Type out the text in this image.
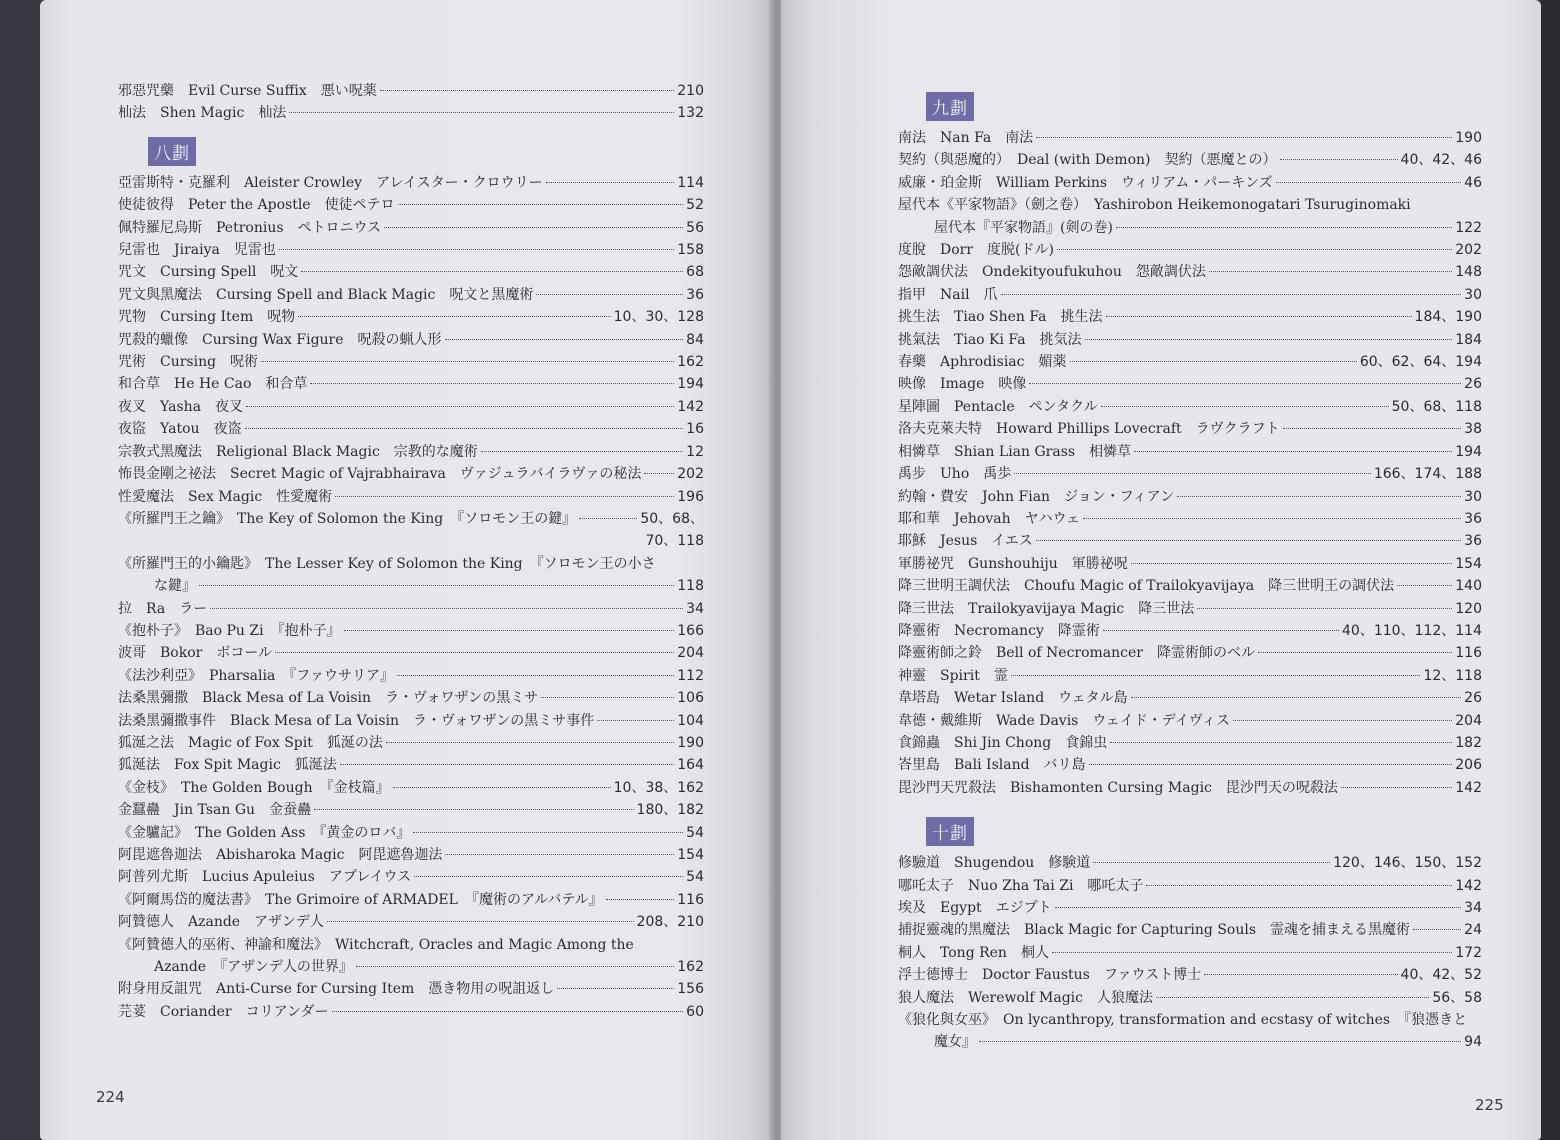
邪惡咒藥　Evil Curse Suffix　悪い呪薬	210
杣法　Shen Magic　杣法	132
八劃
亞雷斯特・克羅利　Aleister Crowley　アレイスター・クロウリー	114
使徒彼得　Peter the Apostle　使徒ペテロ	52
佩特羅尼烏斯　Petronius　ペトロニウス	56
兒雷也　Jiraiya　児雷也	158
咒文　Cursing Spell　呪文	68
咒文與黑魔法　Cursing Spell and Black Magic　呪文と黒魔術	36
咒物　Cursing Item　呪物	10、30、128
咒殺的蠟像　Cursing Wax Figure　呪殺の蝋人形	84
咒術　Cursing　呪術	162
和合草　He He Cao　和合草	194
夜叉　Yasha　夜叉	142
夜盜　Yatou　夜盗	16
宗教式黑魔法　Religional Black Magic　宗教的な魔術	12
怖畏金剛之祕法　Secret Magic of Vajrabhairava　ヴァジュラバイラヴァの秘法	202
性愛魔法　Sex Magic　性愛魔術	196
《所羅門王之鑰》　The Key of Solomon the King　『ソロモン王の鍵』	50、68、
70、118
《所羅門王的小鑰匙》　The Lesser Key of Solomon the King　『ソロモン王の小さ
な鍵』	118
拉　Ra　ラー	34
《抱朴子》　Bao Pu Zi　『抱朴子』	166
波哥　Bokor　ボコール	204
《法沙利亞》　Pharsalia　『ファウサリア』	112
法桑黑彌撒　Black Mesa of La Voisin　ラ・ヴォワザンの黒ミサ	106
法桑黑彌撒事件　Black Mesa of La Voisin　ラ・ヴォワザンの黒ミサ事件	104
狐涎之法　Magic of Fox Spit　狐涎の法	190
狐涎法　Fox Spit Magic　狐涎法	164
《金枝》　The Golden Bough　『金枝篇』	10、38、162
金蠶蠱　Jin Tsan Gu　金蚕蠱	180、182
《金驢記》　The Golden Ass　『黄金のロバ』	54
阿毘遮魯迦法　Abisharoka Magic　阿毘遮魯迦法	154
阿普列尤斯　Lucius Apuleius　アプレイウス	54
《阿爾馬岱的魔法書》　The Grimoire of ARMADEL　『魔術のアルバテル』	116
阿贊德人　Azande　アザンデ人	208、210
《阿贊德人的巫術、神諭和魔法》　Witchcraft, Oracles and Magic Among the
Azande　『アザンデ人の世界』	162
附身用反詛咒　Anti-Curse for Cursing Item　憑き物用の呪詛返し	156
芫荽　Coriander　コリアンダー	60
九劃
南法　Nan Fa　南法	190
契約（與惡魔的）　Deal (with Demon)　契約（悪魔との）	40、42、46
威廉・珀金斯　William Perkins　ウィリアム・パーキンズ	46
屋代本《平家物語》（劍之卷）　Yashirobon Heikemonogatari Tsuruginomaki
屋代本『平家物語』(剣の巻)	122
度脫　Dorr　度脱(ドル)	202
怨敵調伏法　Ondekityoufukuhou　怨敵調伏法	148
指甲　Nail　爪	30
挑生法　Tiao Shen Fa　挑生法	184、190
挑氣法　Tiao Ki Fa　挑気法	184
春藥　Aphrodisiac　媚薬	60、62、64、194
映像　Image　映像	26
星陣圖　Pentacle　ペンタクル	50、68、118
洛夫克萊夫特　Howard Phillips Lovecraft　ラヴクラフト	38
相憐草　Shian Lian Grass　相憐草	194
禹步　Uho　禹歩	166、174、188
約翰・費安　John Fian　ジョン・フィアン	30
耶和華　Jehovah　ヤハウェ	36
耶穌　Jesus　イエス	36
軍勝祕咒　Gunshouhiju　軍勝祕呪	154
降三世明王調伏法　Choufu Magic of Trailokyavijaya　降三世明王の調伏法	140
降三世法　Trailokyavijaya Magic　降三世法	120
降靈術　Necromancy　降霊術	40、110、112、114
降靈術師之鈴　Bell of Necromancer　降霊術師のベル	116
神靈　Spirit　霊	12、118
韋塔島　Wetar Island　ウェタル島	26
韋德・戴維斯　Wade Davis　ウェイド・デイヴィス	204
食錦蟲　Shi Jin Chong　食錦虫	182
峇里島　Bali Island　バリ島	206
毘沙門天咒殺法　Bishamonten Cursing Magic　毘沙門天の呪殺法	142
十劃
修驗道　Shugendou　修験道	120、146、150、152
哪吒太子　Nuo Zha Tai Zi　哪吒太子	142
埃及　Egypt　エジプト	34
捕捉靈魂的黑魔法　Black Magic for Capturing Souls　霊魂を捕まえる黒魔術	24
桐人　Tong Ren　桐人	172
浮士德博士　Doctor Faustus　ファウスト博士	40、42、52
狼人魔法　Werewolf Magic　人狼魔法	56、58
《狼化與女巫》　On lycanthropy, transformation and ecstasy of witches　『狼憑きと
魔女』	94
224	225
